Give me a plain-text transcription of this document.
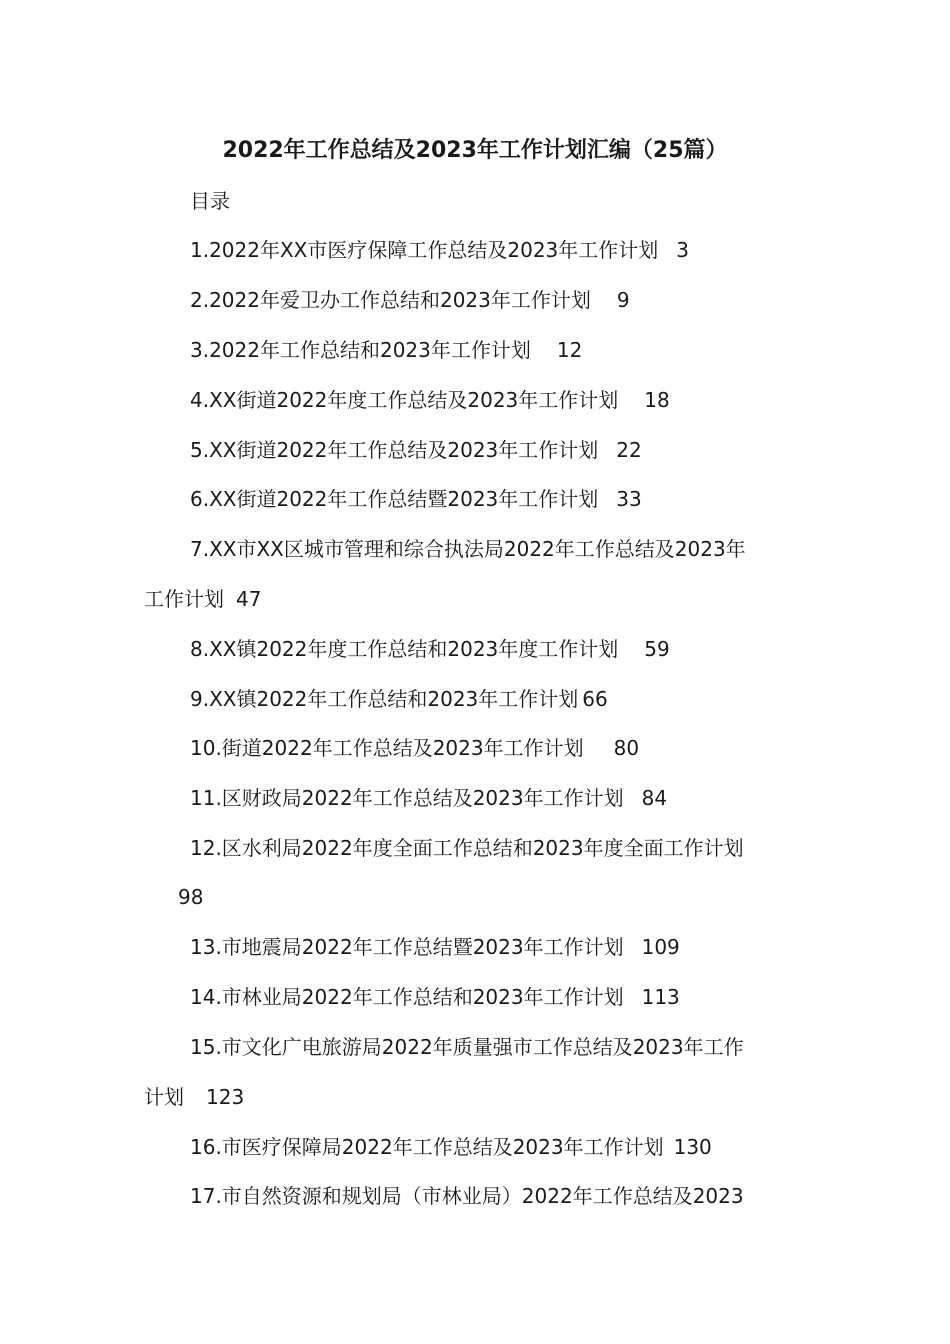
2022年工作总结及2023年工作计划汇编（25篇）
目录
1.2022年XX市医疗保障工作总结及2023年工作计划 3
2.2022年爱卫办工作总结和2023年工作计划 9
3.2022年工作总结和2023年工作计划 12
4.XX街道2022年度工作总结及2023年工作计划 18
5.XX街道2022年工作总结及2023年工作计划 22
6.XX街道2022年工作总结暨2023年工作计划 33
7.XX市XX区城市管理和综合执法局2022年工作总结及2023年
工作计划 47
8.XX镇2022年度工作总结和2023年度工作计划 59
9.XX镇2022年工作总结和2023年工作计划 66
10.街道2022年工作总结及2023年工作计划 80
11.区财政局2022年工作总结及2023年工作计划 84
12.区水利局2022年度全面工作总结和2023年度全面工作计划
98
13.市地震局2022年工作总结暨2023年工作计划 109
14.市林业局2022年工作总结和2023年工作计划 113
15.市文化广电旅游局2022年质量强市工作总结及2023年工作
计划 123
16.市医疗保障局2022年工作总结及2023年工作计划 130
17.市自然资源和规划局（市林业局）2022年工作总结及2023
